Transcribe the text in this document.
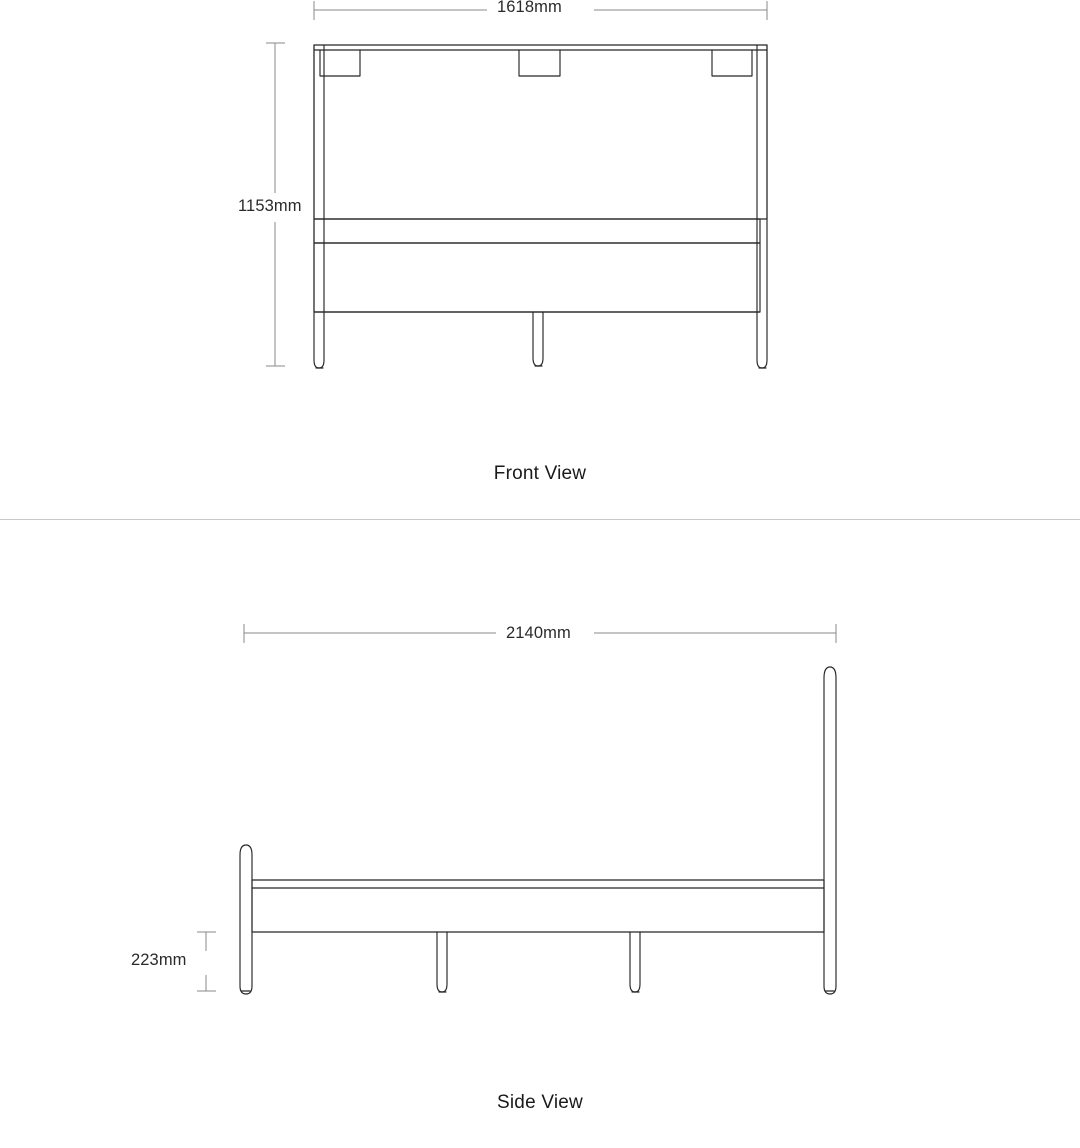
1618mm
1153mm
Front View
2140mm
223mm
Side View
